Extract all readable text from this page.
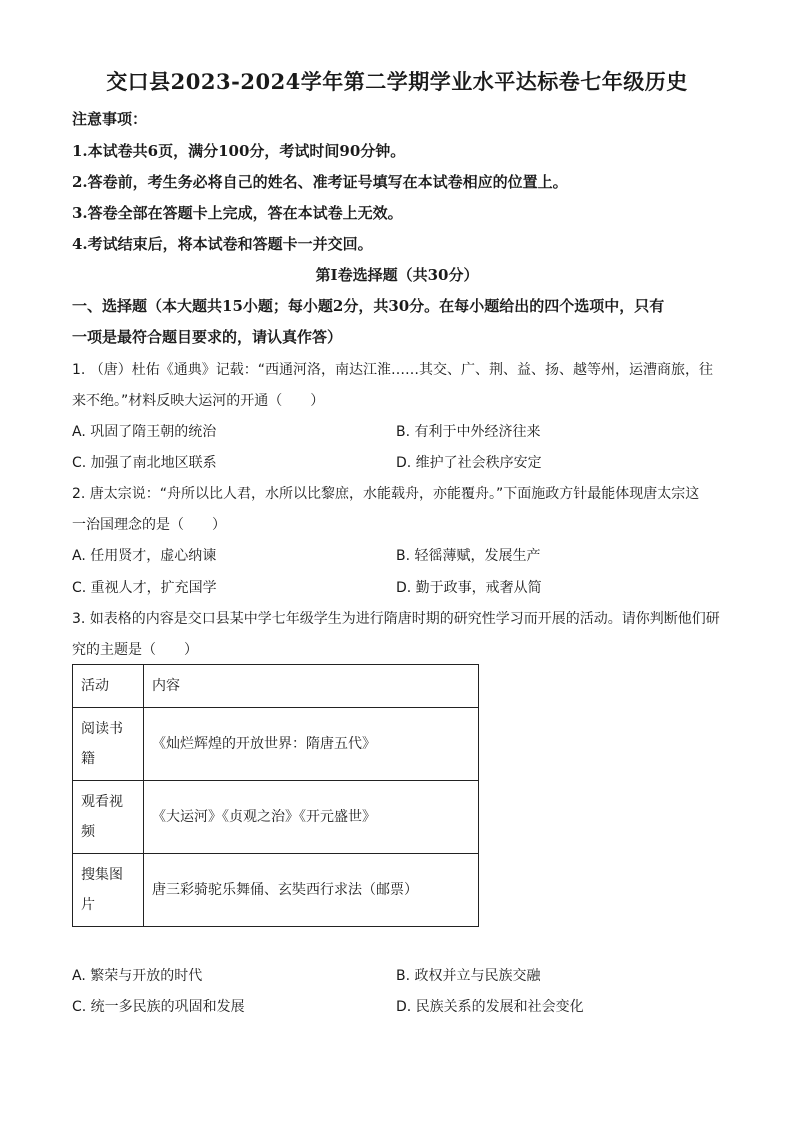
交口县2023-2024学年第二学期学业水平达标卷七年级历史
注意事项：
1.本试卷共6页，满分100分，考试时间90分钟。
2.答卷前，考生务必将自己的姓名、准考证号填写在本试卷相应的位置上。
3.答卷全部在答题卡上完成，答在本试卷上无效。
4.考试结束后，将本试卷和答题卡一并交回。
第Ⅰ卷选择题（共30分）
一、选择题（本大题共15小题；每小题2分，共30分。在每小题给出的四个选项中，只有
一项是最符合题目要求的，请认真作答）
1. （唐）杜佑《通典》记载：“西通河洛，南达江淮……其交、广、荆、益、扬、越等州，运漕商旅，往
来不绝。”材料反映大运河的开通（　　）
A. 巩固了隋王朝的统治	B. 有利于中外经济往来
C. 加强了南北地区联系	D. 维护了社会秩序安定
2. 唐太宗说：“舟所以比人君，水所以比黎庶，水能载舟，亦能覆舟。”下面施政方针最能体现唐太宗这
一治国理念的是（　　）
A. 任用贤才，虚心纳谏	B. 轻徭薄赋，发展生产
C. 重视人才，扩充国学	D. 勤于政事，戒奢从简
3. 如表格的内容是交口县某中学七年级学生为进行隋唐时期的研究性学习而开展的活动。请你判断他们研
究的主题是（　　）
活动	内容
阅读书
籍	《灿烂辉煌的开放世界：隋唐五代》
观看视
频	《大运河》《贞观之治》《开元盛世》
搜集图
片	唐三彩骑驼乐舞俑、玄奘西行求法（邮票）
A. 繁荣与开放的时代	B. 政权并立与民族交融
C. 统一多民族的巩固和发展	D. 民族关系的发展和社会变化
